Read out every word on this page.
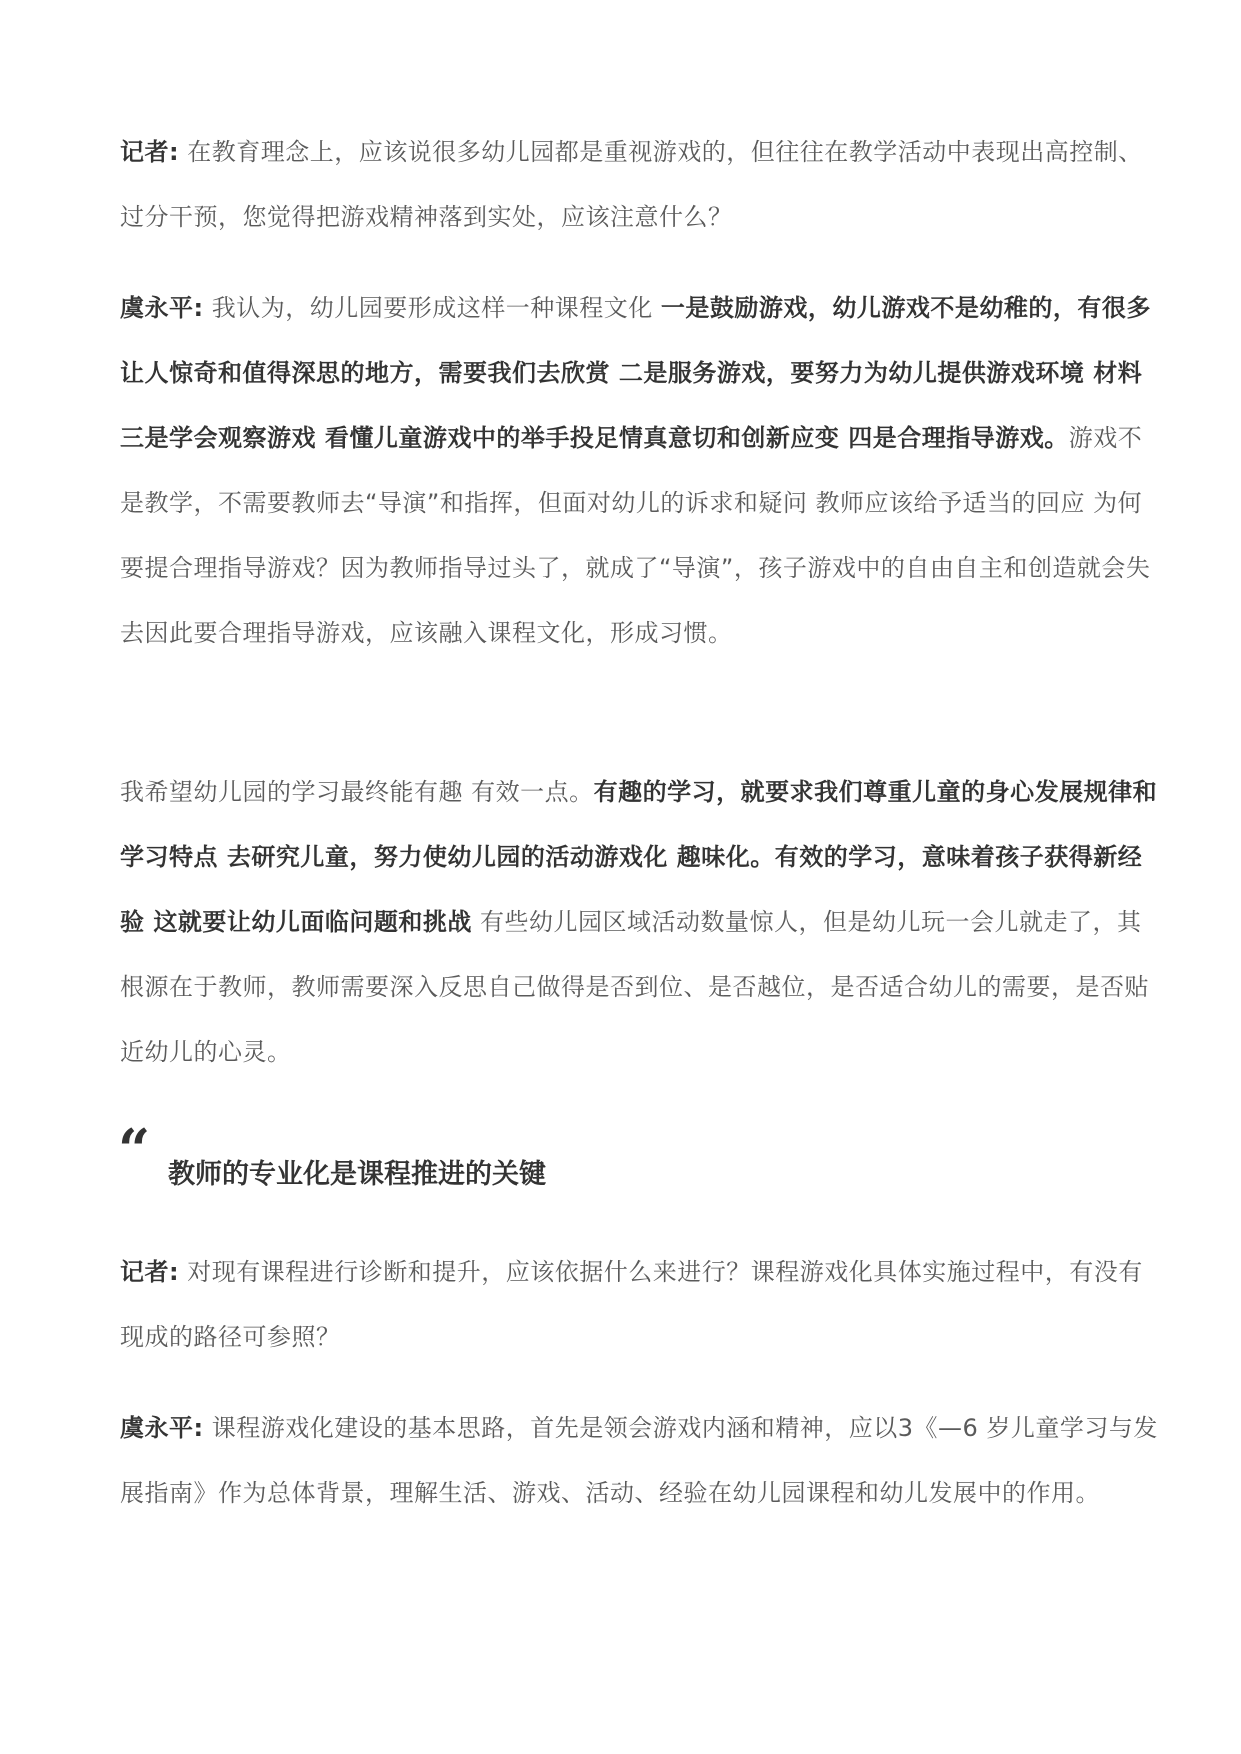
记者: 在教育理念上，应该说很多幼儿园都是重视游戏的，但往往在教学活动中表现出高控制、过分干预，您觉得把游戏精神落到实处，应该注意什么？

虞永平: 我认为，幼儿园要形成这样一种课程文化 一是鼓励游戏，幼儿游戏不是幼稚的，有很多让人惊奇和值得深思的地方，需要我们去欣赏 二是服务游戏，要努力为幼儿提供游戏环境 材料 三是学会观察游戏 看懂儿童游戏中的举手投足情真意切和创新应变 四是合理指导游戏。游戏不是教学，不需要教师去“导演”和指挥，但面对幼儿的诉求和疑问 教师应该给予适当的回应 为何要提合理指导游戏？因为教师指导过头了，就成了“导演”，孩子游戏中的自由自主和创造就会失去因此要合理指导游戏，应该融入课程文化，形成习惯。

我希望幼儿园的学习最终能有趣 有效一点。有趣的学习，就要求我们尊重儿童的身心发展规律和学习特点 去研究儿童，努力使幼儿园的活动游戏化 趣味化。有效的学习，意味着孩子获得新经验 这就要让幼儿面临问题和挑战 有些幼儿园区域活动数量惊人，但是幼儿玩一会儿就走了，其根源在于教师，教师需要深入反思自己做得是否到位、是否越位，是否适合幼儿的需要，是否贴近幼儿的心灵。

“ 教师的专业化是课程推进的关键

记者: 对现有课程进行诊断和提升，应该依据什么来进行？课程游戏化具体实施过程中，有没有现成的路径可参照？

虞永平: 课程游戏化建设的基本思路，首先是领会游戏内涵和精神，应以3《—6 岁儿童学习与发展指南》作为总体背景，理解生活、游戏、活动、经验在幼儿园课程和幼儿发展中的作用。
